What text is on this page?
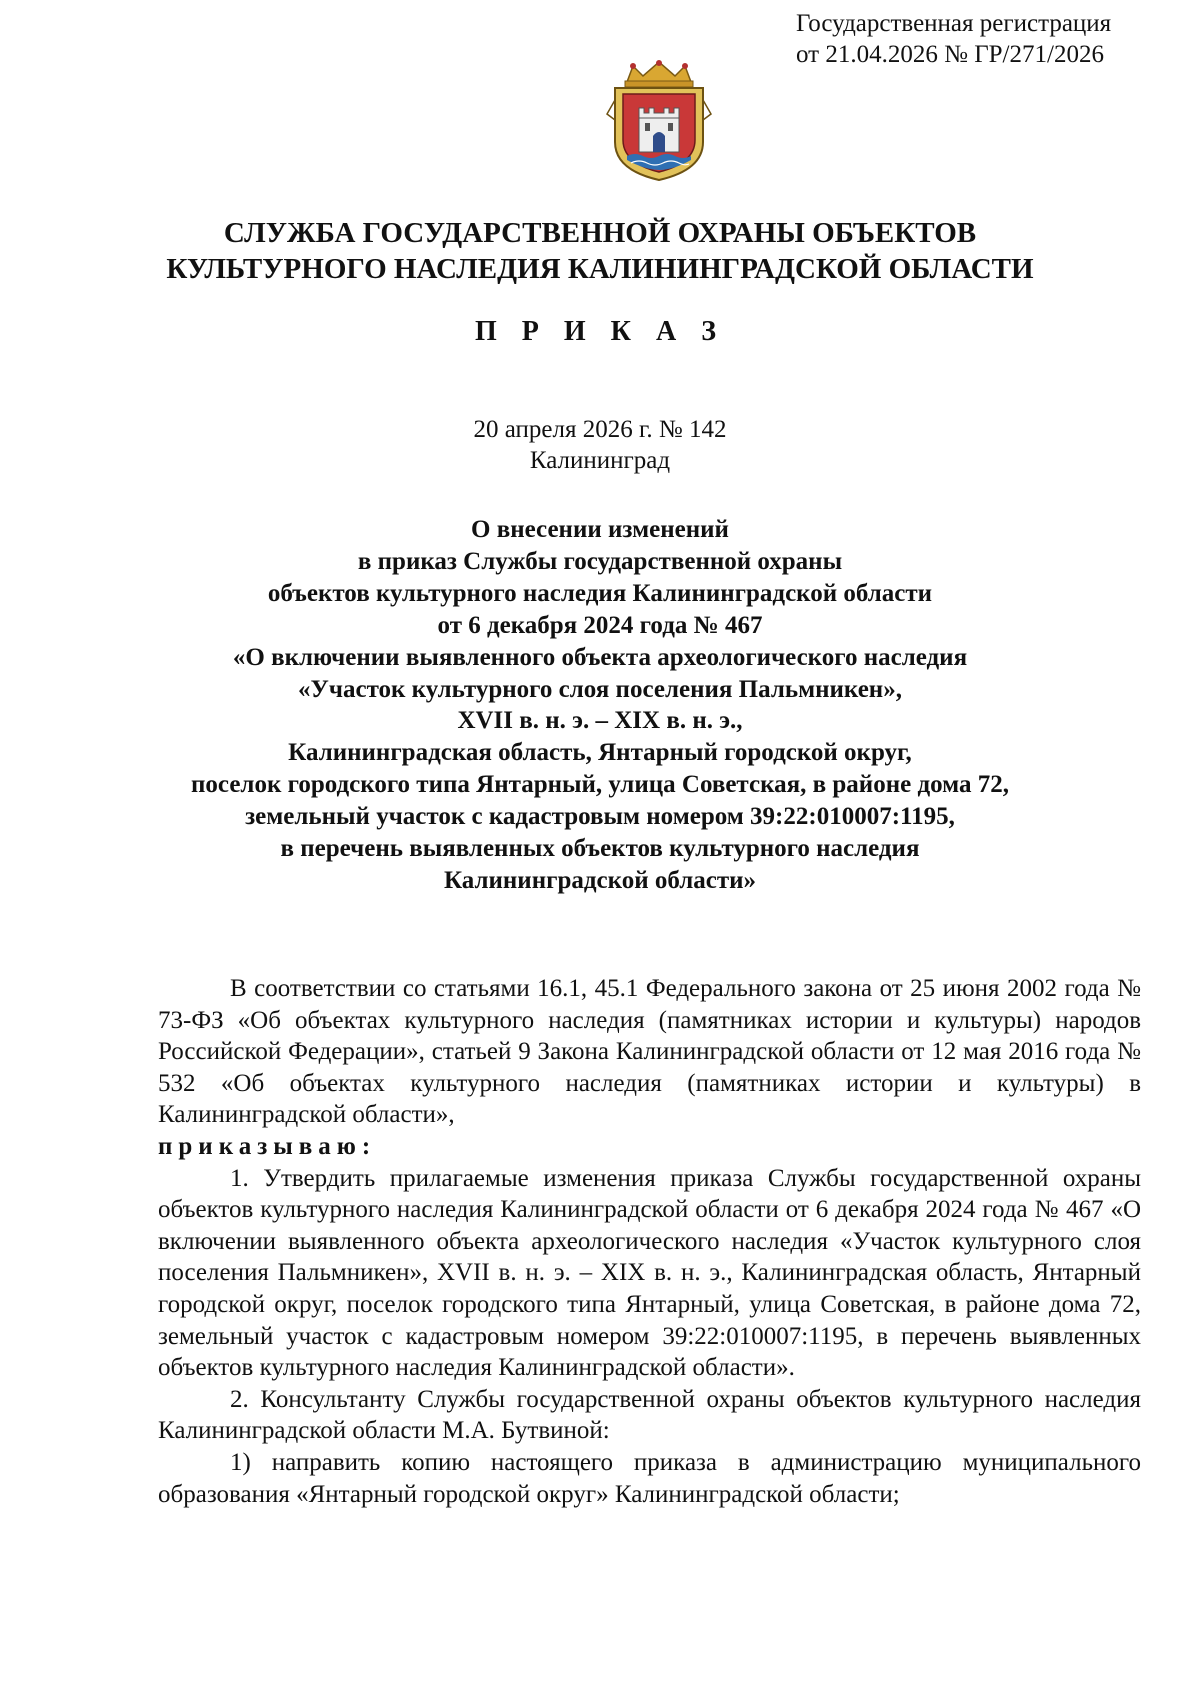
Государственная регистрация
от 21.04.2026 № ГР/271/2026
СЛУЖБА ГОСУДАРСТВЕННОЙ ОХРАНЫ ОБЪЕКТОВ
КУЛЬТУРНОГО НАСЛЕДИЯ КАЛИНИНГРАДСКОЙ ОБЛАСТИ
П Р И К А З
20 апреля 2026 г. № 142
Калининград
О внесении изменений
в приказ Службы государственной охраны
объектов культурного наследия Калининградской области
от 6 декабря 2024 года № 467
«О включении выявленного объекта археологического наследия
«Участок культурного слоя поселения Пальмникен»,
XVII в. н. э. – XIX в. н. э.,
Калининградская область, Янтарный городской округ,
поселок городского типа Янтарный, улица Советская, в районе дома 72,
земельный участок с кадастровым номером 39:22:010007:1195,
в перечень выявленных объектов культурного наследия
Калининградской области»

В соответствии со статьями 16.1, 45.1 Федерального закона от 25 июня 2002 года № 73-ФЗ «Об объектах культурного наследия (памятниках истории и культуры) народов Российской Федерации», статьей 9 Закона Калининградской области от 12 мая 2016 года № 532 «Об объектах культурного наследия (памятниках истории и культуры) в Калининградской области»,
приказываю:

1. Утвердить прилагаемые изменения приказа Службы государственной охраны объектов культурного наследия Калининградской области от 6 декабря 2024 года № 467 «О включении выявленного объекта археологического наследия «Участок культурного слоя поселения Пальмникен», XVII в. н. э. – XIX в. н. э., Калининградская область, Янтарный городской округ, поселок городского типа Янтарный, улица Советская, в районе дома 72, земельный участок с кадастровым номером 39:22:010007:1195, в перечень выявленных объектов культурного наследия Калининградской области».

2. Консультанту Службы государственной охраны объектов культурного наследия Калининградской области М.А. Бутвиной:

1) направить копию настоящего приказа в администрацию муниципального образования «Янтарный городской округ» Калининградской области;
